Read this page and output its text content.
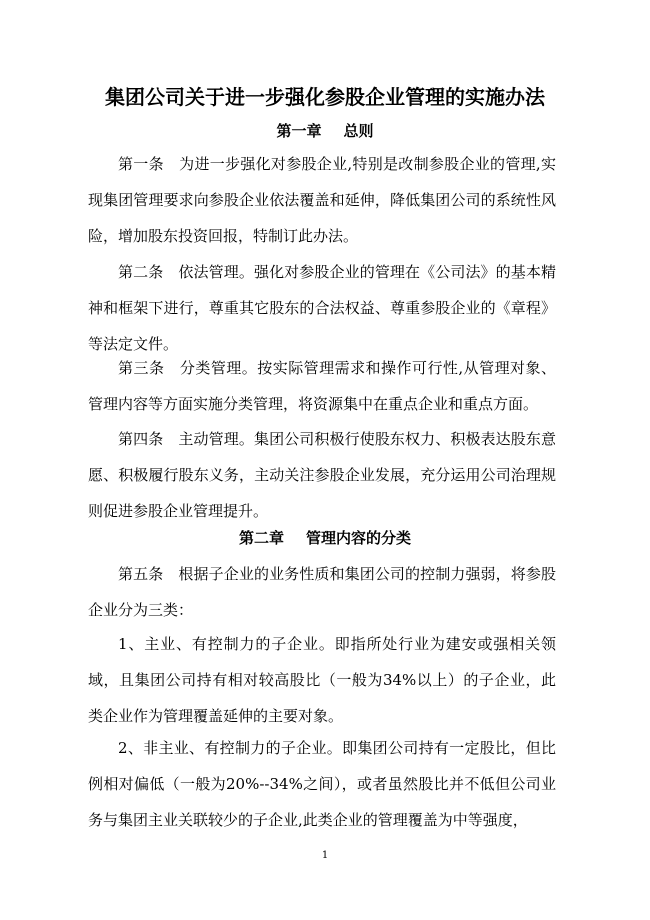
集团公司关于进一步强化参股企业管理的实施办法
第一章 总则

第一条 为进一步强化对参股企业,特别是改制参股企业的管理,实现集团管理要求向参股企业依法覆盖和延伸，降低集团公司的系统性风险，增加股东投资回报，特制订此办法。

第二条 依法管理。强化对参股企业的管理在《公司法》的基本精神和框架下进行，尊重其它股东的合法权益、尊重参股企业的《章程》等法定文件。

第三条 分类管理。按实际管理需求和操作可行性,从管理对象、管理内容等方面实施分类管理，将资源集中在重点企业和重点方面。

第四条 主动管理。集团公司积极行使股东权力、积极表达股东意愿、积极履行股东义务，主动关注参股企业发展，充分运用公司治理规则促进参股企业管理提升。

第二章 管理内容的分类

第五条 根据子企业的业务性质和集团公司的控制力强弱，将参股企业分为三类：

1、主业、有控制力的子企业。即指所处行业为建安或强相关领域，且集团公司持有相对较高股比（一般为34%以上）的子企业，此类企业作为管理覆盖延伸的主要对象。

2、非主业、有控制力的子企业。即集团公司持有一定股比，但比例相对偏低（一般为20%--34%之间），或者虽然股比并不低但公司业务与集团主业关联较少的子企业,此类企业的管理覆盖为中等强度，

1
